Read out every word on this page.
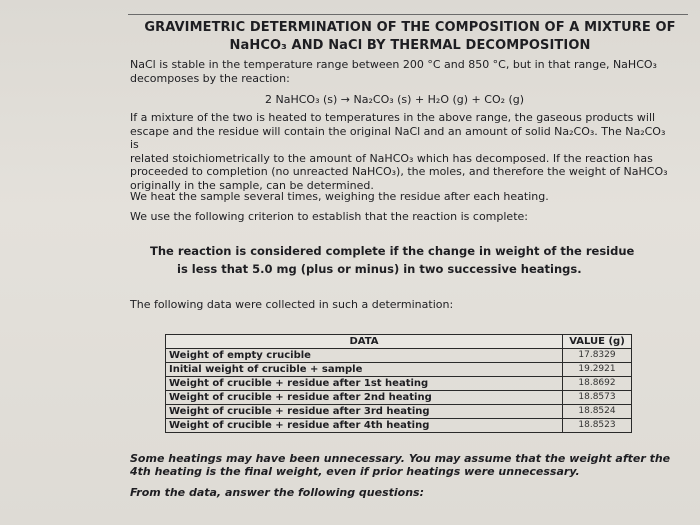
GRAVIMETRIC DETERMINATION OF THE COMPOSITION OF A MIXTURE OF
NaHCO₃ AND NaCl BY THERMAL DECOMPOSITION
NaCl is stable in the temperature range between 200 °C and 850 °C, but in that range, NaHCO₃
decomposes by the reaction:
2 NaHCO₃ (s) → Na₂CO₃ (s) + H₂O (g) + CO₂ (g)
If a mixture of the two is heated to temperatures in the above range, the gaseous products will
escape and the residue will contain the original NaCl and an amount of solid Na₂CO₃. The Na₂CO₃ is
related stoichiometrically to the amount of NaHCO₃ which has decomposed. If the reaction has
proceeded to completion (no unreacted NaHCO₃), the moles, and therefore the weight of NaHCO₃
originally in the sample, can be determined.
We heat the sample several times, weighing the residue after each heating.
We use the following criterion to establish that the reaction is complete:
The reaction is considered complete if the change in weight of the residue
is less that 5.0 mg (plus or minus) in two successive heatings.
The following data were collected in such a determination:
DATA	VALUE (g)
Weight of empty crucible	17.8329
Initial weight of crucible + sample	19.2921
Weight of crucible + residue after 1st heating	18.8692
Weight of crucible + residue after 2nd heating	18.8573
Weight of crucible + residue after 3rd heating	18.8524
Weight of crucible + residue after 4th heating	18.8523
Some heatings may have been unnecessary. You may assume that the weight after the
4th heating is the final weight, even if prior heatings were unnecessary.
From the data, answer the following questions:
